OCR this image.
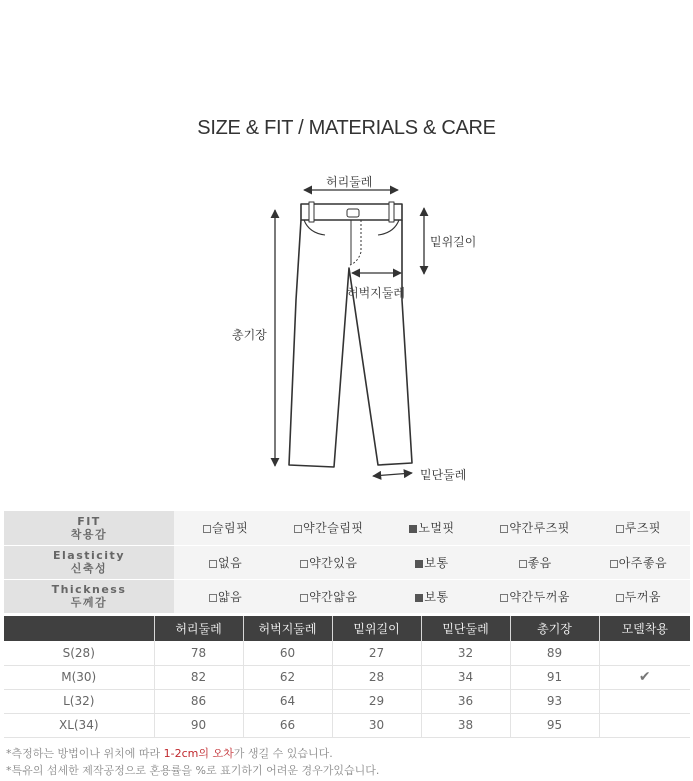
SIZE & FIT / MATERIALS & CARE
허리둘레
밑위길이
허벅지둘레
총기장
밑단둘레
FIT
착용감	슬림핏	약간슬림핏	노멀핏	약간루즈핏	루즈핏

Elasticity
신축성	없음	약간있음	보통	좋음	아주좋음

Thickness
두께감	얇음	약간얇음	보통	약간두꺼움	두꺼움
	허리둘레	허벅지둘레	밑위길이	밑단둘레	총기장	모델착용
S(28)	78	60	27	32	89	
M(30)	82	62	28	34	91	✔
L(32)	86	64	29	36	93	
XL(34)	90	66	30	38	95	
*측정하는 방법이나 위치에 따라 1-2cm의 오차가 생길 수 있습니다.
*특유의 섬세한 제작공정으로 혼용률을 %로 표기하기 어려운 경우가있습니다.
